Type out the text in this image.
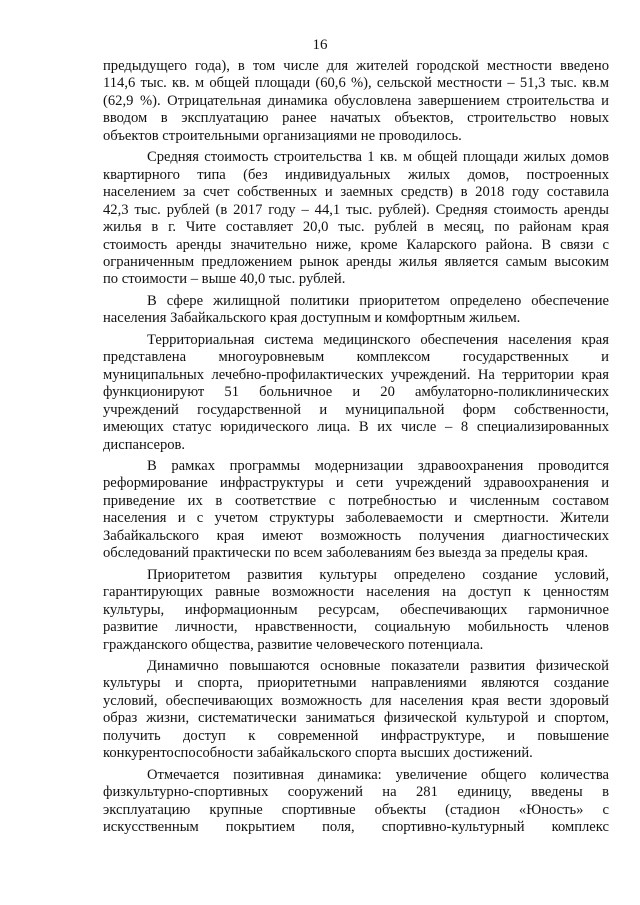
16
предыдущего года), в том числе для жителей городской местности введено
114,6 тыс. кв. м общей площади (60,6 %), сельской местности – 51,3 тыс. кв.м
(62,9 %). Отрицательная динамика обусловлена завершением строительства и
вводом в эксплуатацию ранее начатых объектов, строительство новых
объектов строительными организациями не проводилось.
Средняя стоимость строительства 1 кв. м общей площади жилых домов
квартирного типа (без индивидуальных жилых домов, построенных
населением за счет собственных и заемных средств) в 2018 году составила
42,3 тыс. рублей (в 2017 году – 44,1 тыс. рублей). Средняя стоимость аренды
жилья в г. Чите составляет 20,0 тыс. рублей в месяц, по районам края
стоимость аренды значительно ниже, кроме Каларского района. В связи с
ограниченным предложением рынок аренды жилья является самым высоким
по стоимости – выше 40,0 тыс. рублей.
В сфере жилищной политики приоритетом определено обеспечение
населения Забайкальского края доступным и комфортным жильем.
Территориальная система медицинского обеспечения населения края
представлена многоуровневым комплексом государственных и
муниципальных лечебно-профилактических учреждений. На территории края
функционируют 51 больничное и 20 амбулаторно-поликлинических
учреждений государственной и муниципальной форм собственности,
имеющих статус юридического лица. В их числе – 8 специализированных
диспансеров.
В рамках программы модернизации здравоохранения проводится
реформирование инфраструктуры и сети учреждений здравоохранения и
приведение их в соответствие с потребностью и численным составом
населения и с учетом структуры заболеваемости и смертности. Жители
Забайкальского края имеют возможность получения диагностических
обследований практически по всем заболеваниям без выезда за пределы края.
Приоритетом развития культуры определено создание условий,
гарантирующих равные возможности населения на доступ к ценностям
культуры, информационным ресурсам, обеспечивающих гармоничное
развитие личности, нравственности, социальную мобильность членов
гражданского общества, развитие человеческого потенциала.
Динамично повышаются основные показатели развития физической
культуры и спорта, приоритетными направлениями являются создание
условий, обеспечивающих возможность для населения края вести здоровый
образ жизни, систематически заниматься физической культурой и спортом,
получить доступ к современной инфраструктуре, и повышение
конкурентоспособности забайкальского спорта высших достижений.
Отмечается позитивная динамика: увеличение общего количества
физкультурно-спортивных сооружений на 281 единицу, введены в
эксплуатацию крупные спортивные объекты (стадион «Юность» с
искусственным покрытием поля, спортивно-культурный комплекс
